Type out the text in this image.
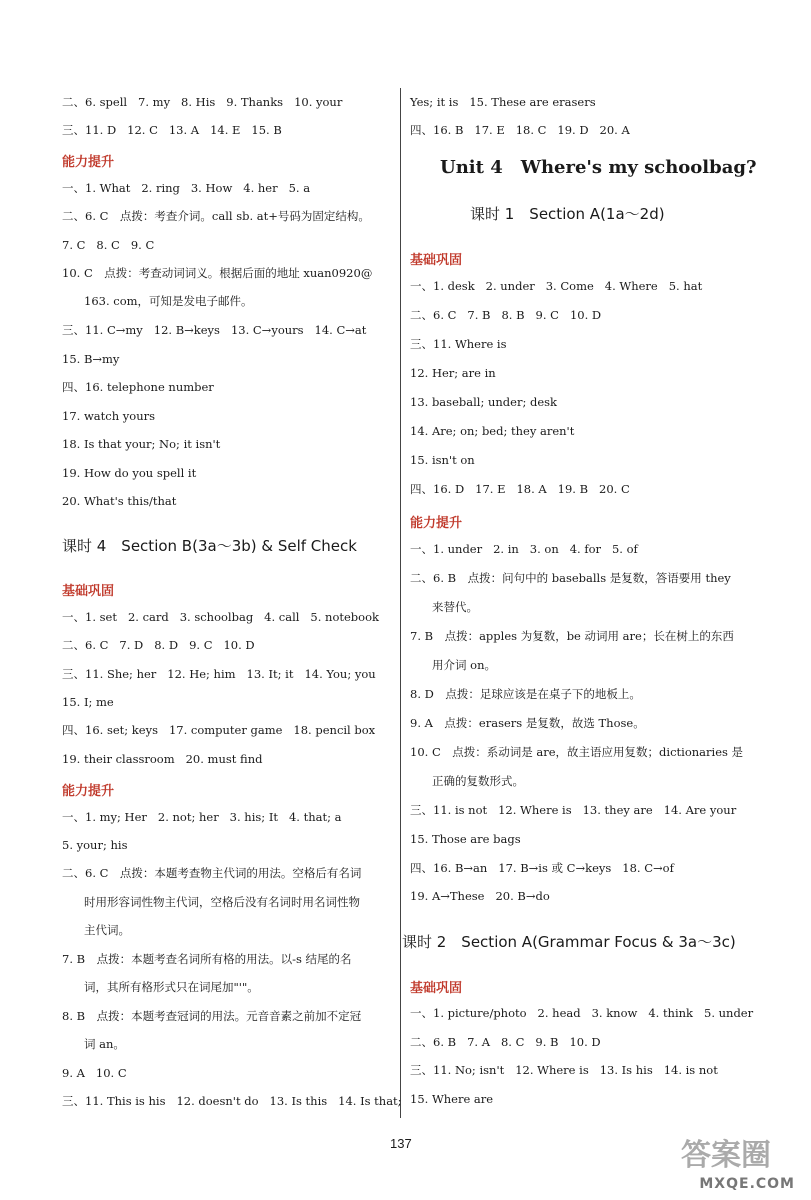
二、6. spell 7. my 8. His 9. Thanks 10. your
三、11. D 12. C 13. A 14. E 15. B
能力提升
一、1. What 2. ring 3. How 4. her 5. a
二、6. C　点拨：考查介词。call sb. at+号码为固定结构。
7. C 8. C 9. C
10. C　点拨：考查动词词义。根据后面的地址 xuan0920@
163. com，可知是发电子邮件。
三、11. C→my 12. B→keys 13. C→yours 14. C→at
15. B→my
四、16. telephone number
17. watch yours
18. Is that your; No; it isn't
19. How do you spell it
20. What's this/that
课时 4　Section B(3a～3b) & Self Check
基础巩固
一、1. set 2. card 3. schoolbag 4. call 5. notebook
二、6. C 7. D 8. D 9. C 10. D
三、11. She; her 12. He; him 13. It; it 14. You; you
15. I; me
四、16. set; keys 17. computer game 18. pencil box
19. their classroom 20. must find
能力提升
一、1. my; Her 2. not; her 3. his; It 4. that; a
5. your; his
二、6. C　点拨：本题考查物主代词的用法。空格后有名词
时用形容词性物主代词，空格后没有名词时用名词性物
主代词。
7. B　点拨：本题考查名词所有格的用法。以-s 结尾的名
词，其所有格形式只在词尾加"'"。
8. B　点拨：本题考查冠词的用法。元音音素之前加不定冠
词 an。
9. A 10. C
三、11. This is his 12. doesn't do 13. Is this 14. Is that;
Yes; it is 15. These are erasers
四、16. B 17. E 18. C 19. D 20. A
Unit 4　Where's my schoolbag?
课时 1　Section A(1a～2d)
基础巩固
一、1. desk 2. under 3. Come 4. Where 5. hat
二、6. C 7. B 8. B 9. C 10. D
三、11. Where is
12. Her; are in
13. baseball; under; desk
14. Are; on; bed; they aren't
15. isn't on
四、16. D 17. E 18. A 19. B 20. C
能力提升
一、1. under 2. in 3. on 4. for 5. of
二、6. B　点拨：问句中的 baseballs 是复数，答语要用 they
来替代。
7. B　点拨：apples 为复数，be 动词用 are；长在树上的东西
用介词 on。
8. D　点拨：足球应该是在桌子下的地板上。
9. A　点拨：erasers 是复数，故选 Those。
10. C　点拨：系动词是 are，故主语应用复数；dictionaries 是
正确的复数形式。
三、11. is not 12. Where is 13. they are 14. Are your
15. Those are bags
四、16. B→an 17. B→is 或 C→keys 18. C→of
19. A→These 20. B→do
课时 2　Section A(Grammar Focus & 3a～3c)
基础巩固
一、1. picture/photo 2. head 3. know 4. think 5. under
二、6. B 7. A 8. C 9. B 10. D
三、11. No; isn't 12. Where is 13. Is his 14. is not
15. Where are
137	答案圈
MXQE.COM
